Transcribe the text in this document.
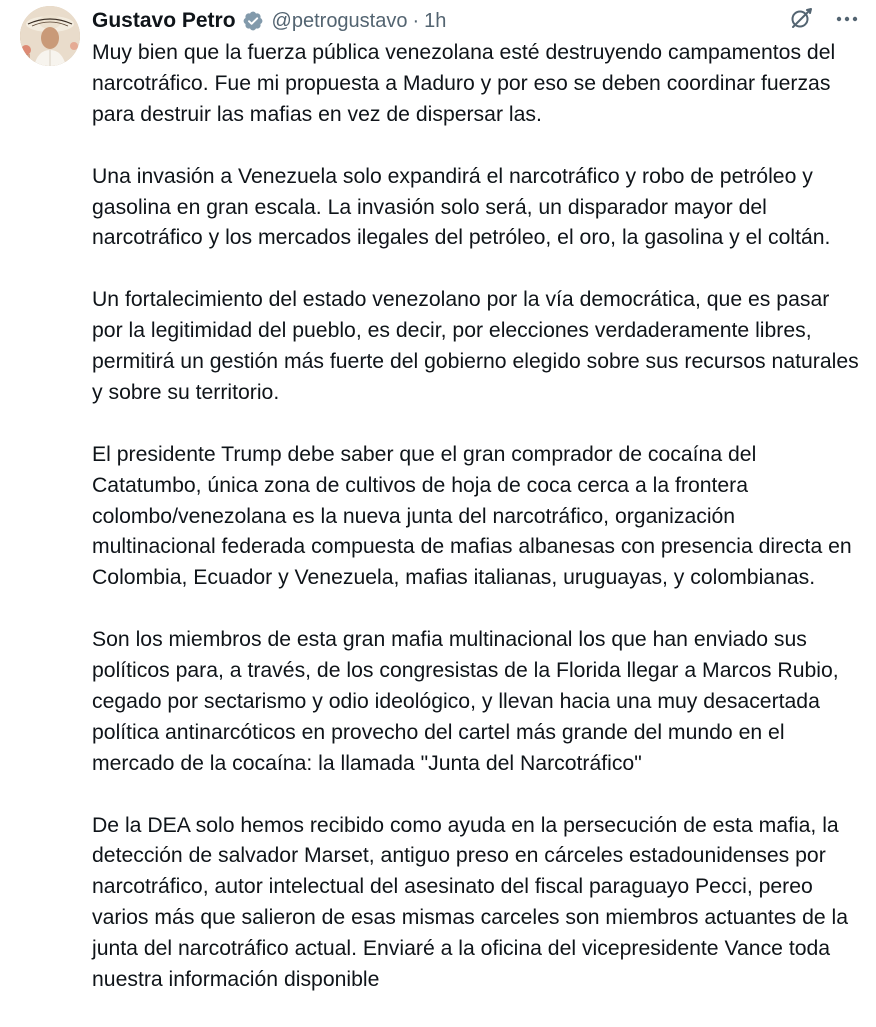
Gustavo Petro @petrogustavo · 1h

Muy bien que la fuerza pública venezolana esté destruyendo campamentos del narcotráfico. Fue mi propuesta a Maduro y por eso se deben coordinar fuerzas para destruir las mafias en vez de dispersar las.

Una invasión a Venezuela solo expandirá el narcotráfico y robo de petróleo y gasolina en gran escala. La invasión solo será, un disparador mayor del narcotráfico y los mercados ilegales del petróleo, el oro, la gasolina y el coltán.

Un fortalecimiento del estado venezolano por la vía democrática, que es pasar por la legitimidad del pueblo, es decir, por elecciones verdaderamente libres, permitirá un gestión más fuerte del gobierno elegido sobre sus recursos naturales y sobre su territorio.

El presidente Trump debe saber que el gran comprador de cocaína del Catatumbo, única zona de cultivos de hoja de coca cerca a la frontera colombo/venezolana es la nueva junta del narcotráfico, organización multinacional federada compuesta de mafias albanesas con presencia directa en Colombia, Ecuador y Venezuela, mafias italianas, uruguayas, y colombianas.

Son los miembros de esta gran mafia multinacional los que han enviado sus políticos para, a través, de los congresistas de la Florida llegar a Marcos Rubio, cegado por sectarismo y odio ideológico, y llevan hacia una muy desacertada política antinarcóticos en provecho del cartel más grande del mundo en el mercado de la cocaína: la llamada "Junta del Narcotráfico"

De la DEA solo hemos recibido como ayuda en la persecución de esta mafia, la detección de salvador Marset, antiguo preso en cárceles estadounidenses por narcotráfico, autor intelectual del asesinato del fiscal paraguayo Pecci, pereo varios más que salieron de esas mismas carceles son miembros actuantes de la junta del narcotráfico actual. Enviaré a la oficina del vicepresidente Vance toda nuestra información disponible
